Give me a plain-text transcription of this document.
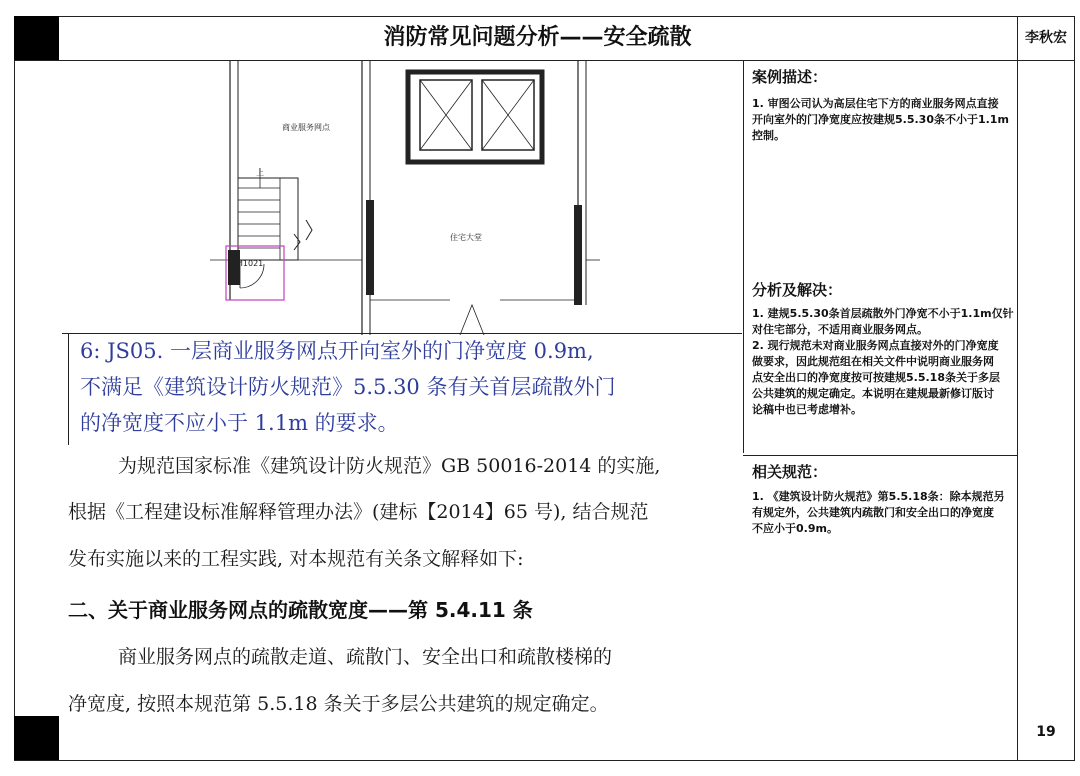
消防常见问题分析——安全疏散	李秋宏
商业服务网点
住宅大堂
M1021
上
6: JS05. 一层商业服务网点开向室外的门净宽度 0.9m,
不满足《建筑设计防火规范》5.5.30 条有关首层疏散外门
的净宽度不应小于 1.1m 的要求。
为规范国家标准《建筑设计防火规范》GB 50016-2014 的实施,
根据《工程建设标准解释管理办法》(建标【2014】65 号), 结合规范
发布实施以来的工程实践, 对本规范有关条文解释如下:
二、关于商业服务网点的疏散宽度——第 5.4.11 条
商业服务网点的疏散走道、疏散门、安全出口和疏散楼梯的
净宽度, 按照本规范第 5.5.18 条关于多层公共建筑的规定确定。
案例描述：
1. 审图公司认为高层住宅下方的商业服务网点直接
开向室外的门净宽度应按建规5.5.30条不小于1.1m
控制。
分析及解决：
1. 建规5.5.30条首层疏散外门净宽不小于1.1m仅针
对住宅部分，不适用商业服务网点。
2. 现行规范未对商业服务网点直接对外的门净宽度
做要求，因此规范组在相关文件中说明商业服务网
点安全出口的净宽度按可按建规5.5.18条关于多层
公共建筑的规定确定。本说明在建规最新修订版讨
论稿中也已考虑增补。
相关规范：
1. 《建筑设计防火规范》第5.5.18条：除本规范另
有规定外，公共建筑内疏散门和安全出口的净宽度
不应小于0.9m。
19
